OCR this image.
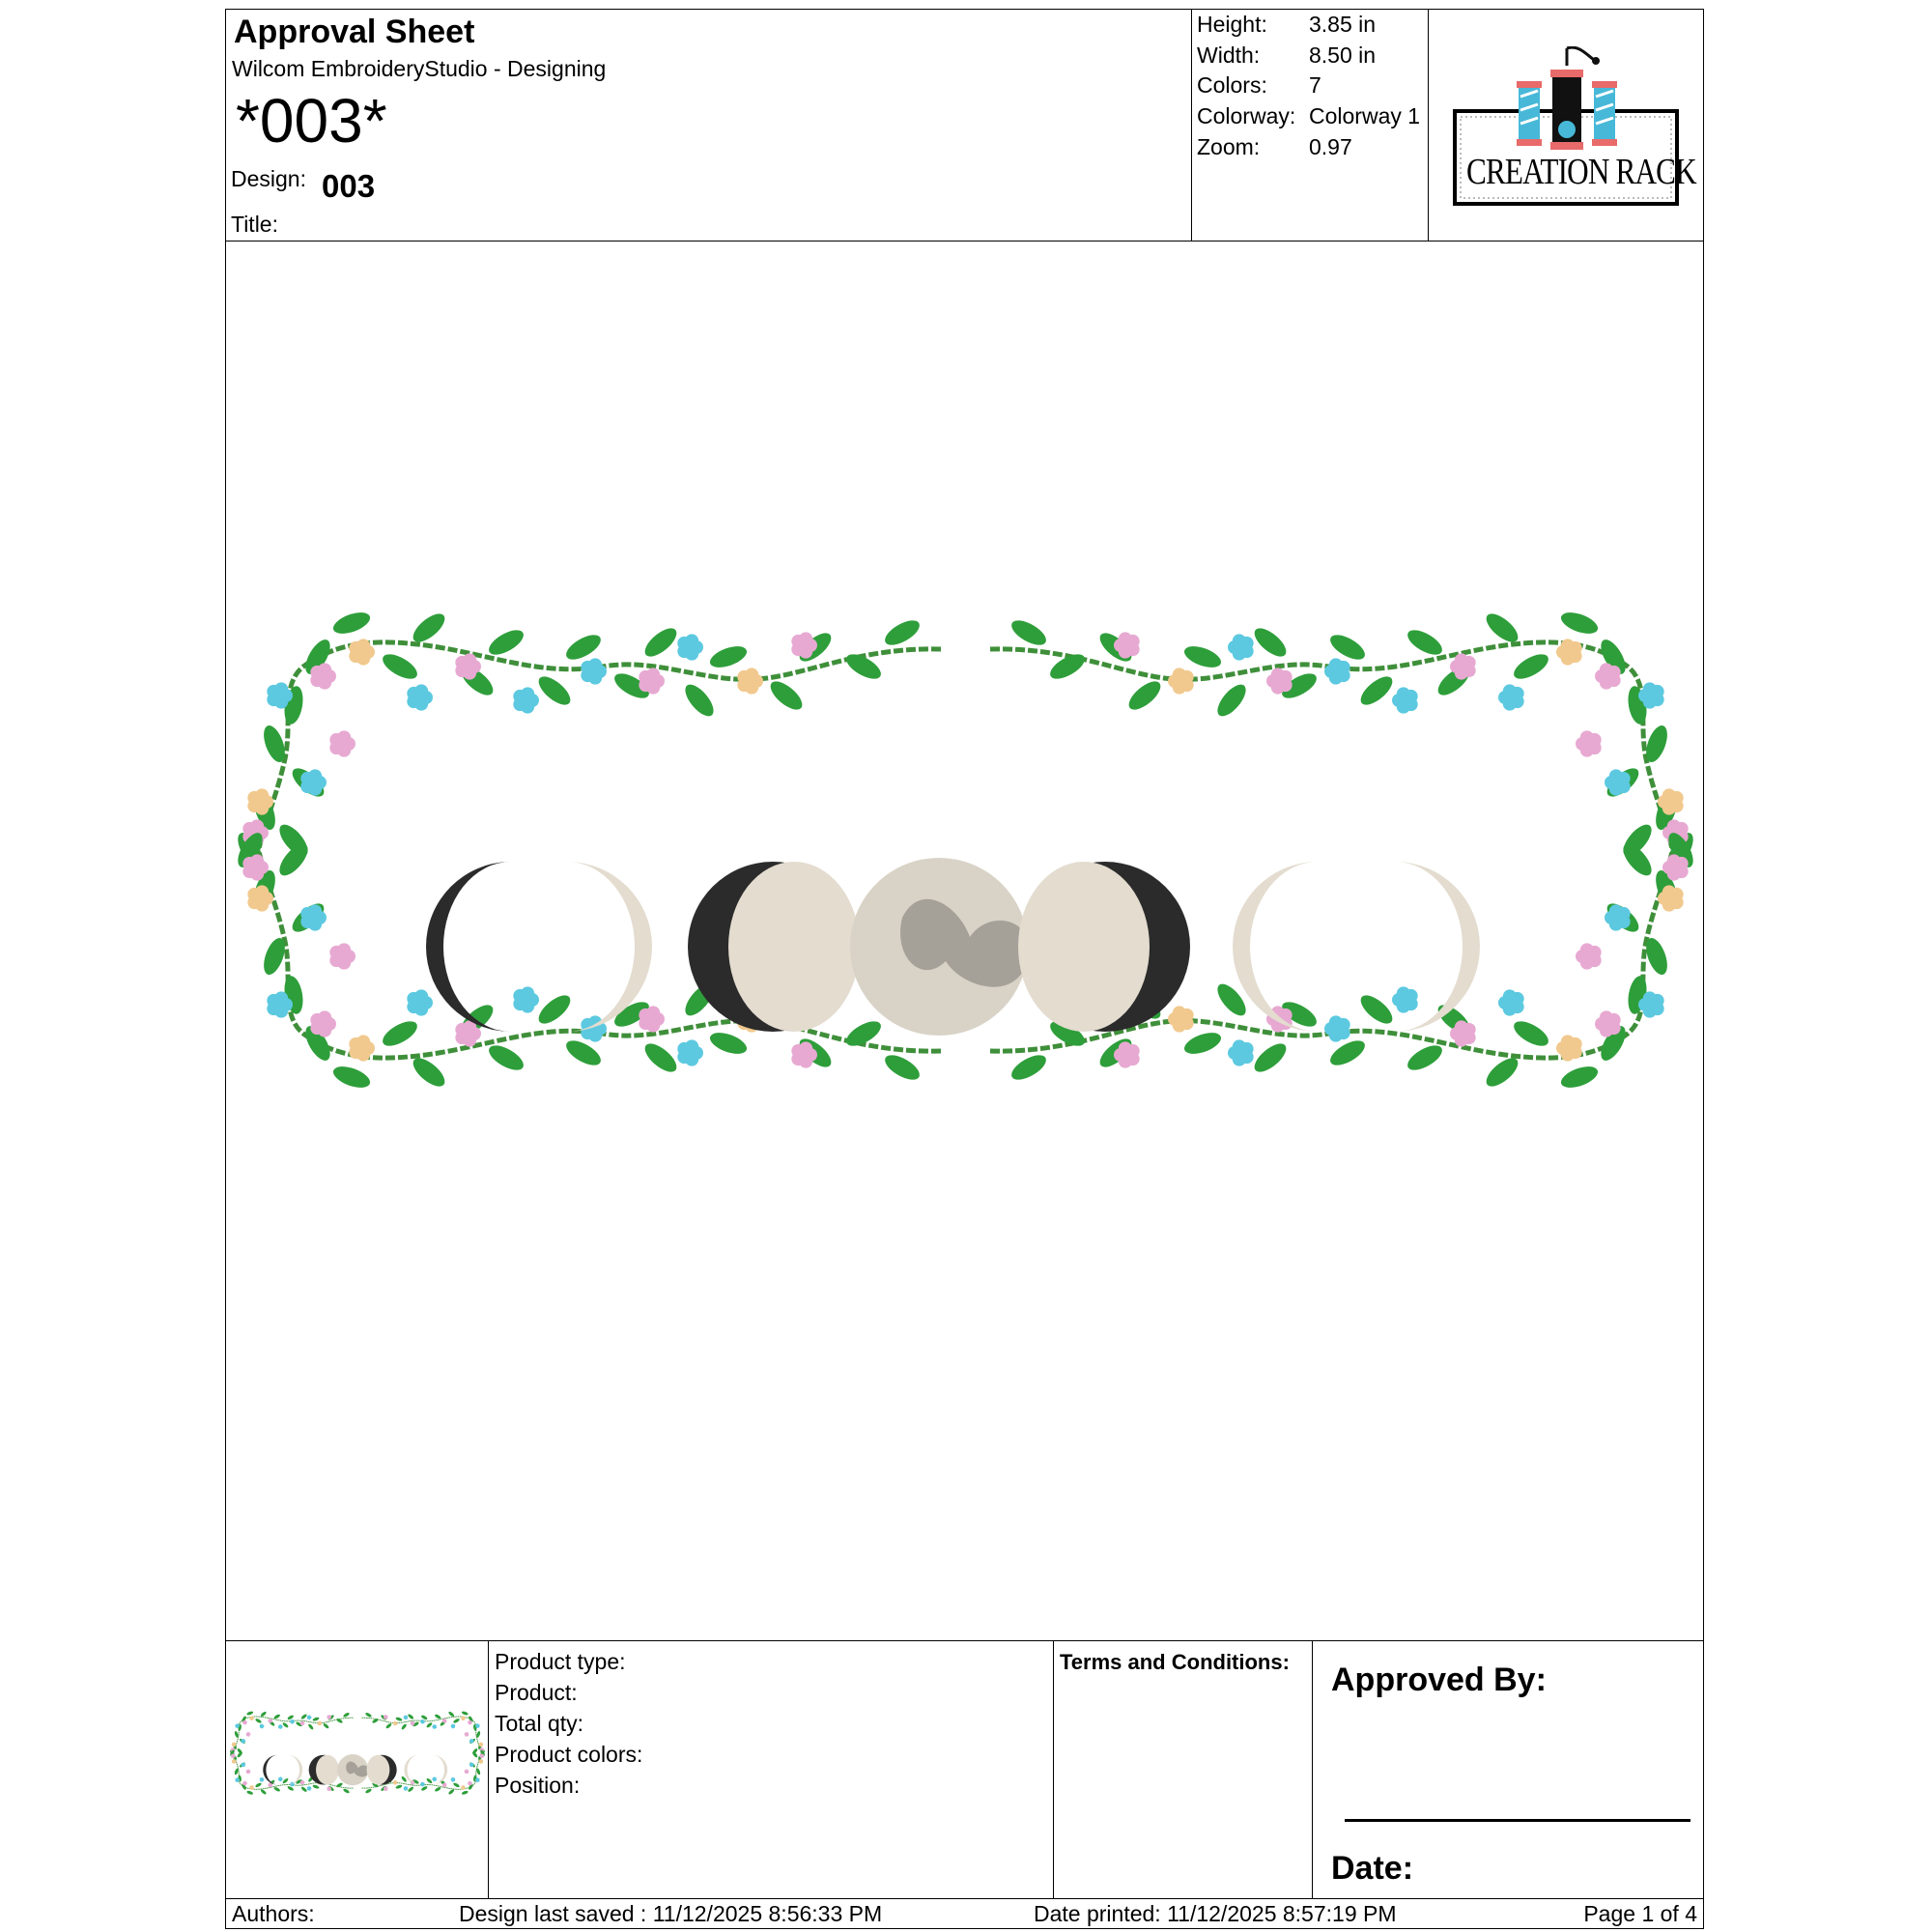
Approval Sheet
Wilcom EmbroideryStudio - Designing
*003*
Design: 003
Title:
Height: 3.85 in
Width: 8.50 in
Colors: 7
Colorway: Colorway 1
Zoom: 0.97
CREATION RACK
Product type:
Product:
Total qty:
Product colors:
Position:
Terms and Conditions: Approved By:
Date:
Authors:	Design last saved : 11/12/2025 8:56:33 PM	Date printed: 11/12/2025 8:57:19 PM	Page 1 of 4
